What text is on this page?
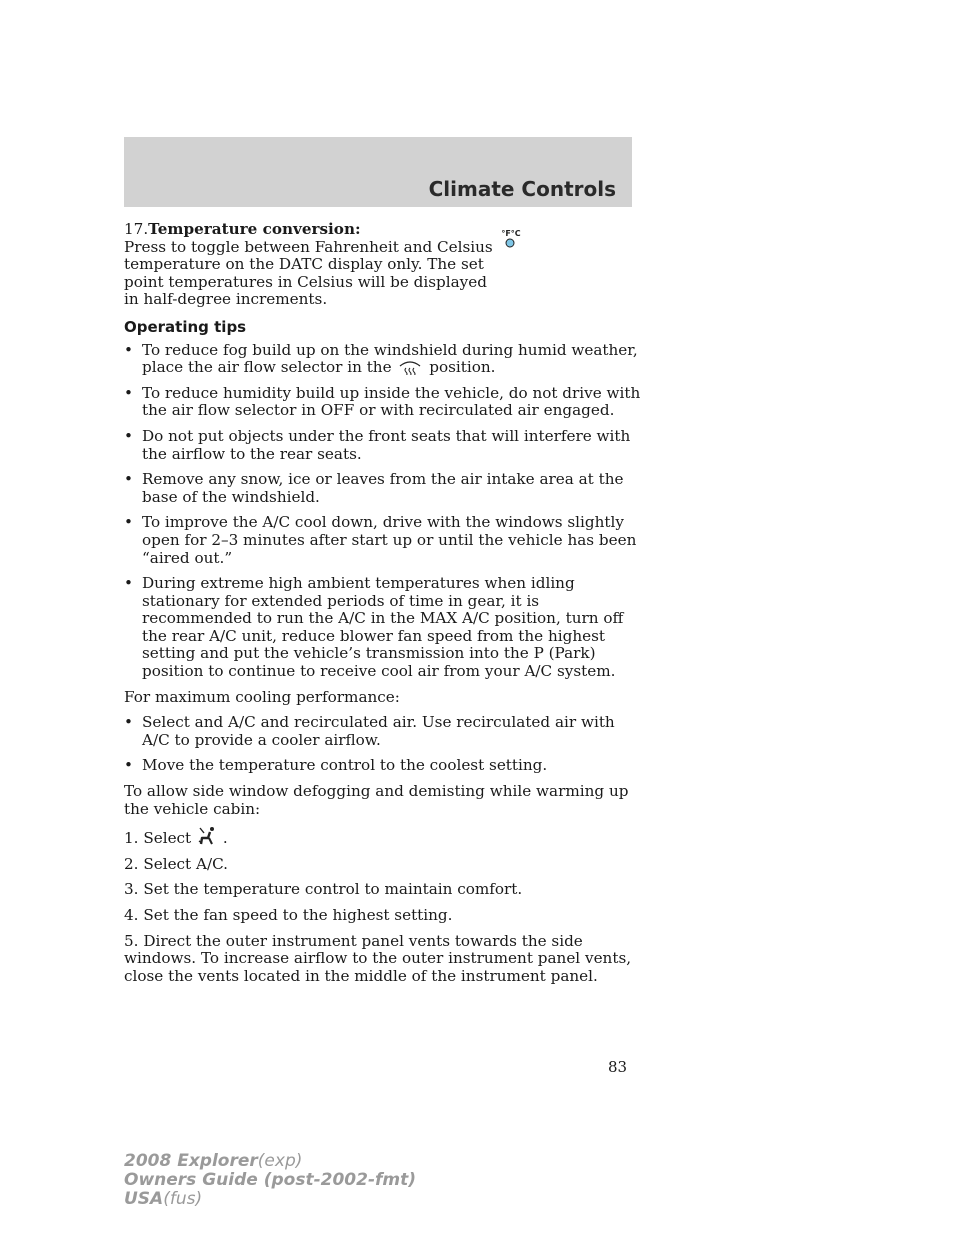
Climate Controls
°F°C

17.Temperature conversion:
Press to toggle between Fahrenheit and Celsius temperature on the DATC display only. The set point temperatures in Celsius will be displayed in half-degree increments.

Operating tips
• To reduce fog build up on the windshield during humid weather, place the air flow selector in the position.
• To reduce humidity build up inside the vehicle, do not drive with the air flow selector in OFF or with recirculated air engaged.
• Do not put objects under the front seats that will interfere with the airflow to the rear seats.
• Remove any snow, ice or leaves from the air intake area at the base of the windshield.
• To improve the A/C cool down, drive with the windows slightly open for 2–3 minutes after start up or until the vehicle has been “aired out.”
• During extreme high ambient temperatures when idling stationary for extended periods of time in gear, it is recommended to run the A/C in the MAX A/C position, turn off the rear A/C unit, reduce blower fan speed from the highest setting and put the vehicle’s transmission into the P (Park) position to continue to receive cool air from your A/C system.

For maximum cooling performance:

• Select and A/C and recirculated air. Use recirculated air with A/C to provide a cooler airflow.
• Move the temperature control to the coolest setting.

To allow side window defogging and demisting while warming up the vehicle cabin:

1. Select .

2. Select A/C.

3. Set the temperature control to maintain comfort.

4. Set the fan speed to the highest setting.

5. Direct the outer instrument panel vents towards the side windows. To increase airflow to the outer instrument panel vents, close the vents located in the middle of the instrument panel.

83
2008 Explorer(exp)
Owners Guide (post-2002-fmt)
USA(fus)
